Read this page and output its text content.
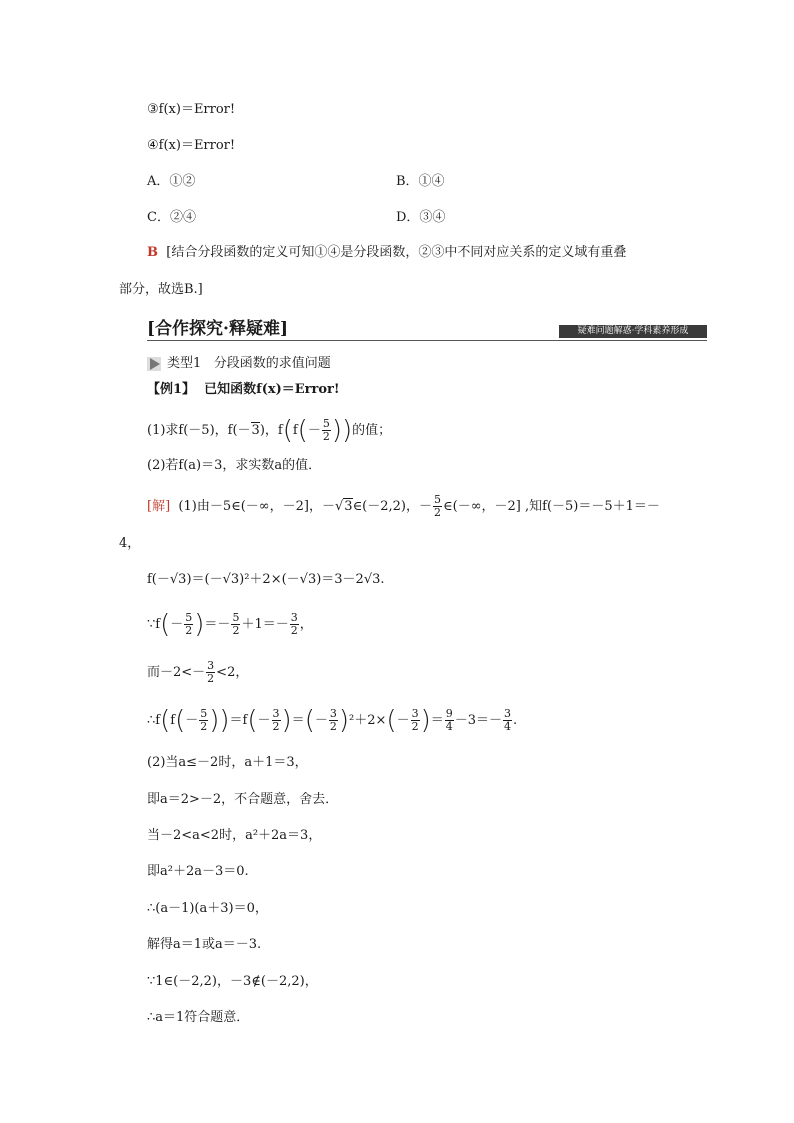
③f(x)＝Error!
④f(x)＝Error!
A．①②	B．①④
C．②④	D．③④
B [结合分段函数的定义可知①④是分段函数，②③中不同对应关系的定义域有重叠
部分，故选B.]
[合作探究·释疑难]	疑难问题解惑·学科素养形成
类型1 分段函数的求值问题
【例1】 已知函数f(x)＝Error!
(1)求f(－5)，f(－3)，$f(f(- \frac{5}{2}$ ))的值；
(2)若f(a)＝3，求实数a的值．
[解] (1)由－5∈(－∞，－2]，－√3∈(－2,2)，－ $\frac{5}{2}$ ∈(－∞，－2] ,知f(－5)＝－5＋1＝－
4，
f(－√3)＝(－√3)²＋2×(－√3)＝3－2√3.
∵f(－ $\frac{5}{2}$ )＝－ $\frac{5}{2} +1=- \frac{3}{2}$ ，
而$-2<- \frac{3}{2} <2$，
∴f(f(－ $\frac{5}{2} ))=f(- \frac{3}{2}$ )＝(－ $\frac{3}{2} )^2+2\times(- \frac{3}{2}$ )＝ $\frac{9}{4} -3=- \frac{3}{4}$ .
(2)当a≤－2时，a＋1＝3，
即a＝2>－2，不合题意，舍去．
当－2<a<2时，a²＋2a＝3，
即a²＋2a－3＝0.
∴(a－1)(a＋3)＝0，
解得a＝1或a＝－3.
∵1∈(－2,2)，－3∉(－2,2)，
∴a＝1符合题意．
